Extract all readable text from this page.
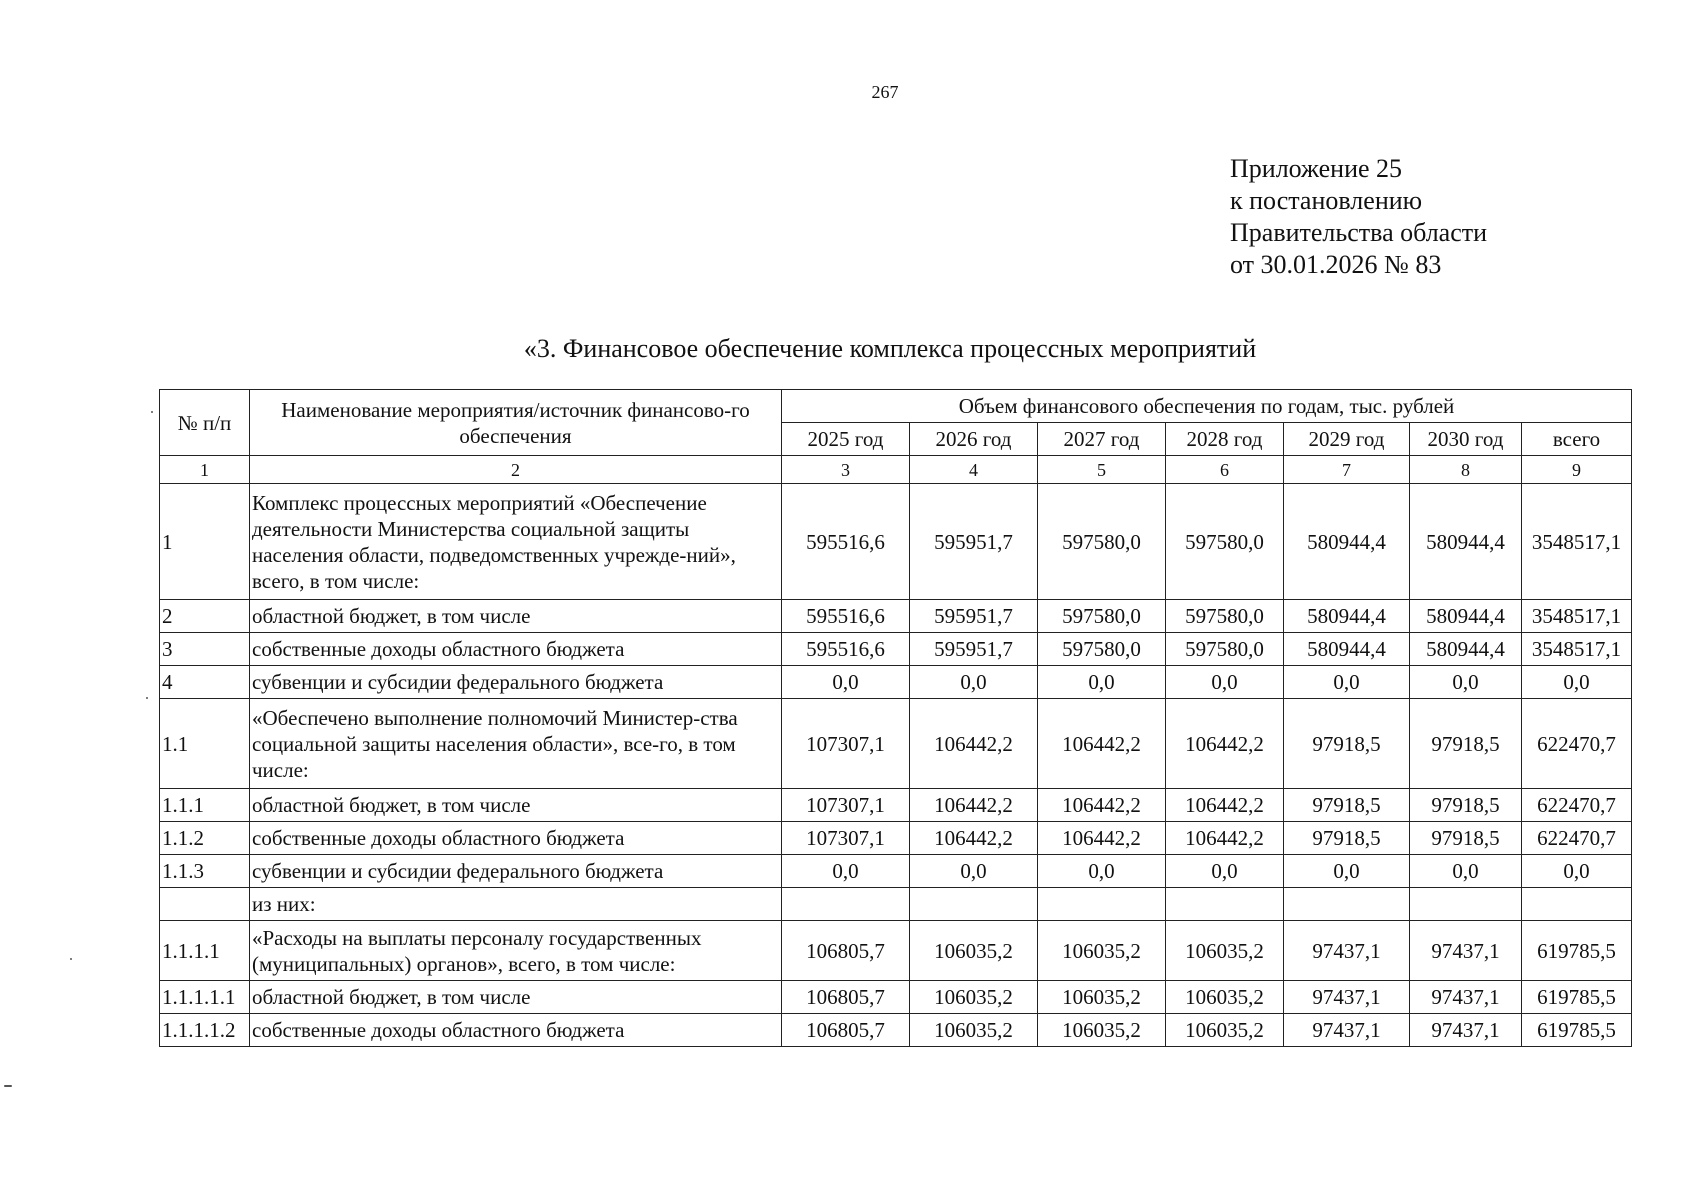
267
Приложение 25
к постановлению
Правительства области
от 30.01.2026 № 83
«3. Финансовое обеспечение комплекса процессных мероприятий
№ п/п	Наименование мероприятия/источник финансово-го обеспечения	Объем финансового обеспечения по годам, тыс. рублей						
		2025 год	2026 год	2027 год	2028 год	2029 год	2030 год	всего
1	2	3	4	5	6	7	8	9
1	Комплекс процессных мероприятий «Обеспечение деятельности Министерства социальной защиты населения области, подведомственных учрежде-ний», всего, в том числе:	595516,6	595951,7	597580,0	597580,0	580944,4	580944,4	3548517,1
2	областной бюджет, в том числе	595516,6	595951,7	597580,0	597580,0	580944,4	580944,4	3548517,1
3	собственные доходы областного бюджета	595516,6	595951,7	597580,0	597580,0	580944,4	580944,4	3548517,1
4	субвенции и субсидии федерального бюджета	0,0	0,0	0,0	0,0	0,0	0,0	0,0
1.1	«Обеспечено выполнение полномочий Министер-ства социальной защиты населения области», все-го, в том числе:	107307,1	106442,2	106442,2	106442,2	97918,5	97918,5	622470,7
1.1.1	областной бюджет, в том числе	107307,1	106442,2	106442,2	106442,2	97918,5	97918,5	622470,7
1.1.2	собственные доходы областного бюджета	107307,1	106442,2	106442,2	106442,2	97918,5	97918,5	622470,7
1.1.3	субвенции и субсидии федерального бюджета	0,0	0,0	0,0	0,0	0,0	0,0	0,0
	из них:							
1.1.1.1	«Расходы на выплаты персоналу государственных (муниципальных) органов», всего, в том числе:	106805,7	106035,2	106035,2	106035,2	97437,1	97437,1	619785,5
1.1.1.1.1	областной бюджет, в том числе	106805,7	106035,2	106035,2	106035,2	97437,1	97437,1	619785,5
1.1.1.1.2	собственные доходы областного бюджета	106805,7	106035,2	106035,2	106035,2	97437,1	97437,1	619785,5
